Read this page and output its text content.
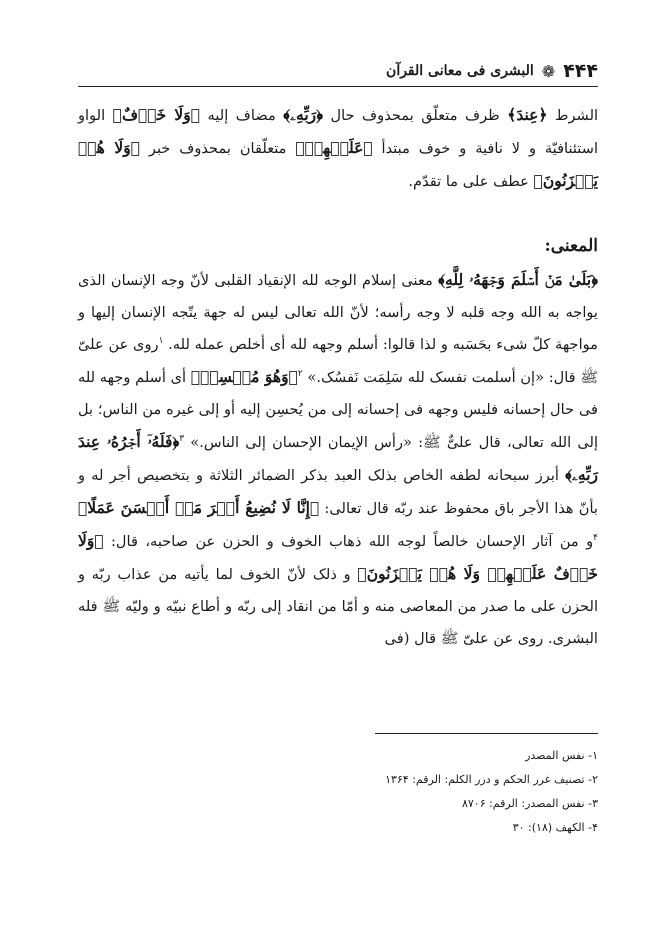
۴۴۴
❁
البشری فی معانی القرآن

الشرط ﴿عِندَ﴾ ظرف متعلّق بمحذوف حال ﴿رَبِّهِۦ﴾ مضاف إلیه ﴿وَلَا خَوۡفٌ﴾ الواو استئنافیّة و لا نافیة و خوف مبتدأ ﴿عَلَيۡهِمۡ﴾ متعلّقان بمحذوف خبر ﴿وَلَا هُمۡ يَحۡزَنُونَ﴾ عطف علی ما تقدّم.

المعنی:

﴿بَلَىٰ مَنۡ أَسۡلَمَ وَجۡهَهُۥ لِلَّهِ﴾ معنی إسلام الوجه لله الإنقیاد القلبی لأنّ وجه الإنسان الذی یواجه به الله وجه قلبه لا وجه رأسه؛ لأنّ الله تعالی لیس له جهة یتّجه الإنسان إلیها و مواجهة کلّ شیء بحَسَبه و لذا قالوا: أسلم وجهه لله أی أخلص عمله لله. $^١$روی عن علیّ ﷺ قال: «إن أسلمت نفسک لله سَلِمَت نَفسُک.» $^٢$﴿وَهُوَ مُحۡسِنٞ﴾ أی أسلم وجهه لله فی حال إحسانه فلیس وجهه فی إحسانه إلی من یُحسِن إلیه أو إلی غیره من الناس؛ بل إلی الله تعالی، قال علیٌّ ﷺ: «رأس الإیمان الإحسان إلی الناس.» $^٣$﴿فَلَهُۥٓ أَجۡرُهُۥ عِندَ رَبِّهِۦ﴾ أبرز سبحانه لطفه الخاص بذلک العبد بذکر الضمائر الثلاثة و بتخصیص أجر له و بأنّ هذا الأجر باق محفوظ عند ربّه قال تعالی: ﴿إِنَّا لَا نُضِيعُ أَجۡرَ مَنۡ أَحۡسَنَ عَمَلًا﴾ $^۴$و من آثار الإحسان خالصاً لوجه الله ذهاب الخوف و الحزن عن صاحبه، قال: ﴿وَلَا خَوۡفٌ عَلَيۡهِمۡ وَلَا هُمۡ يَحۡزَنُونَ﴾ و ذلک لأنّ الخوف لما یأتیه من عذاب ربّه و الحزن علی ما صدر من المعاصی منه و أمّا من انقاد إلی ربّه و أطاع نبیّه و ولیّه ﷺ فله البشری. روی عن علیّ ﷺ قال (فی

١- نفس المصدر
٢- تصنیف غرر الحکم و درر الکلم: الرقم: ١٣۶۴
٣- نفس المصدر: الرقم: ٨٧٠۶
۴- الکهف (١٨): ٣٠
